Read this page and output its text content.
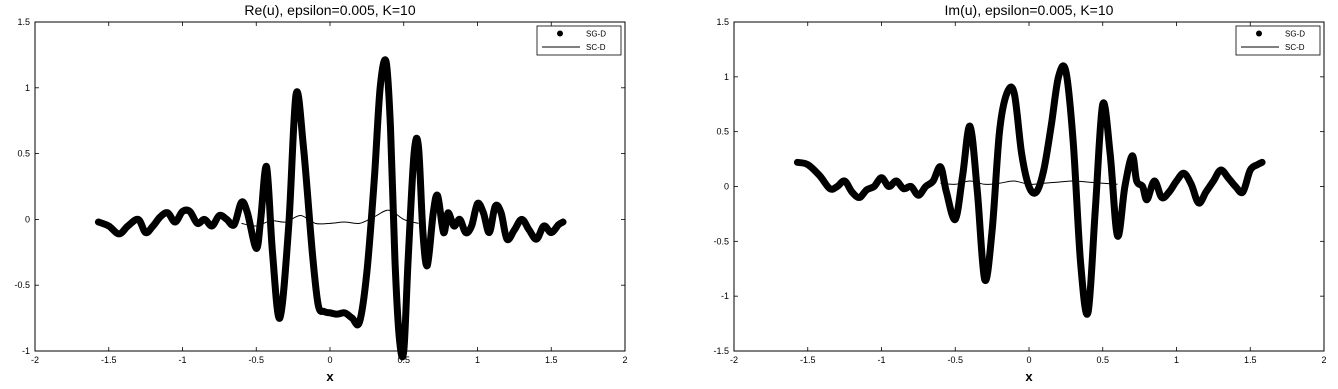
Re(u), epsilon=0.005, K=10
-2	-1.5	-1	-0.5	0	0.5	1	1.5	2
-1
-0.5
0
0.5
1
1.5
x
SG-D
SC-D
Im(u), epsilon=0.005, K=10
-2	-1.5	-1	-0.5	0	0.5	1	1.5	2
-1.5
-1
-0.5
0
0.5
1
1.5
x
SG-D
SC-D
